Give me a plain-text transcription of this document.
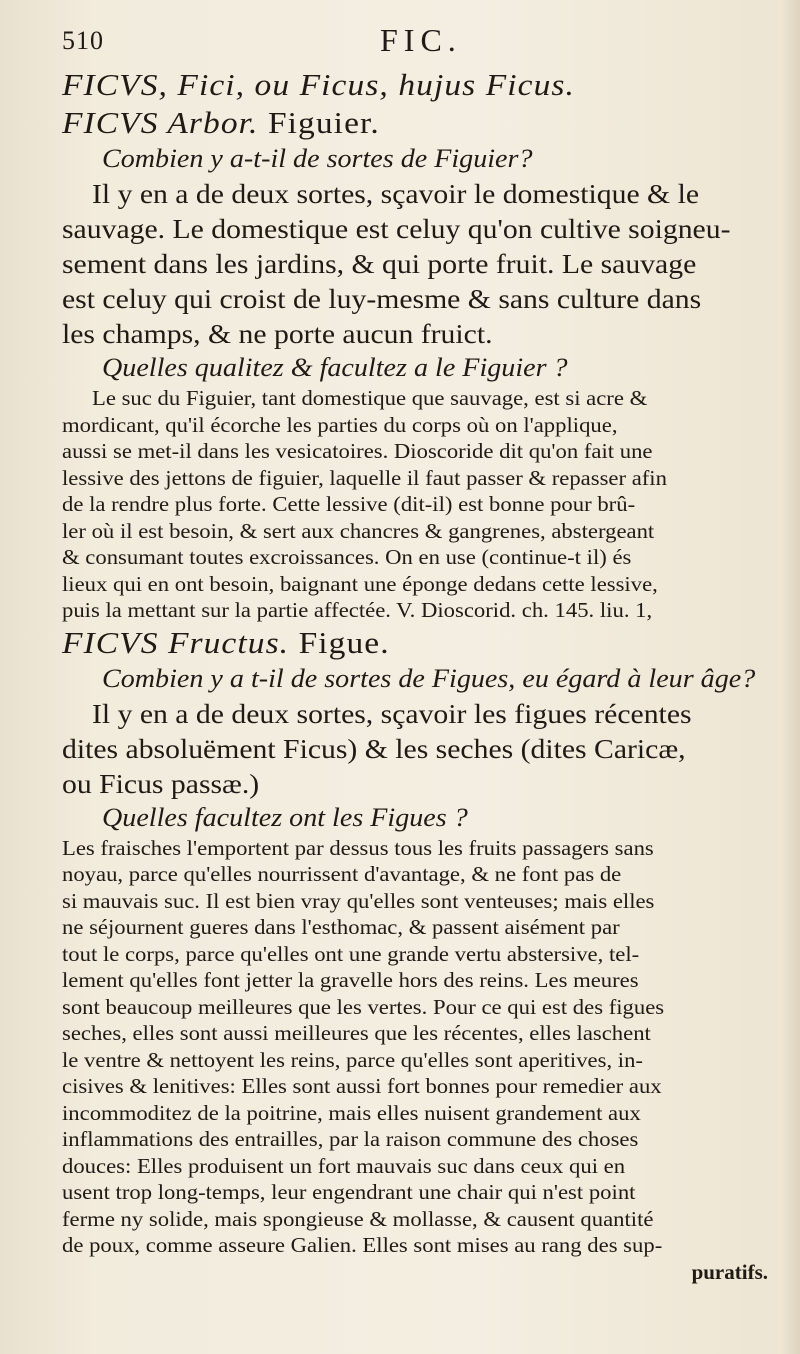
510	FIC.
FICVS, Fici, ou Ficus, hujus Ficus.
FICVS Arbor. Figuier.
Combien y a-t-il de sortes de Figuier?
Il y en a de deux sortes, sçavoir le domestique & le
sauvage. Le domestique est celuy qu'on cultive soigneu-
sement dans les jardins, & qui porte fruit. Le sauvage
est celuy qui croist de luy-mesme & sans culture dans
les champs, & ne porte aucun fruict.
Quelles qualitez & facultez a le Figuier ?
Le suc du Figuier, tant domestique que sauvage, est si acre &
mordicant, qu'il écorche les parties du corps où on l'applique,
aussi se met-il dans les vesicatoires. Dioscoride dit qu'on fait une
lessive des jettons de figuier, laquelle il faut passer & repasser afin
de la rendre plus forte. Cette lessive (dit-il) est bonne pour brû-
ler où il est besoin, & sert aux chancres & gangrenes, abstergeant
& consumant toutes excroissances. On en use (continue-t il) és
lieux qui en ont besoin, baignant une éponge dedans cette lessive,
puis la mettant sur la partie affectée. V. Dioscorid. ch. 145. liu. 1,
FICVS Fructus. Figue.
Combien y a t-il de sortes de Figues, eu égard à leur âge?
Il y en a de deux sortes, sçavoir les figues récentes
dites absoluëment Ficus) & les seches (dites Caricæ,
ou Ficus passæ.)
Quelles facultez ont les Figues ?
Les fraisches l'emportent par dessus tous les fruits passagers sans
noyau, parce qu'elles nourrissent d'avantage, & ne font pas de
si mauvais suc. Il est bien vray qu'elles sont venteuses; mais elles
ne séjournent gueres dans l'esthomac, & passent aisément par
tout le corps, parce qu'elles ont une grande vertu abstersive, tel-
lement qu'elles font jetter la gravelle hors des reins. Les meures
sont beaucoup meilleures que les vertes. Pour ce qui est des figues
seches, elles sont aussi meilleures que les récentes, elles laschent
le ventre & nettoyent les reins, parce qu'elles sont aperitives, in-
cisives & lenitives: Elles sont aussi fort bonnes pour remedier aux
incommoditez de la poitrine, mais elles nuisent grandement aux
inflammations des entrailles, par la raison commune des choses
douces: Elles produisent un fort mauvais suc dans ceux qui en
usent trop long-temps, leur engendrant une chair qui n'est point
ferme ny solide, mais spongieuse & mollasse, & causent quantité
de poux, comme asseure Galien. Elles sont mises au rang des sup-
puratifs.
